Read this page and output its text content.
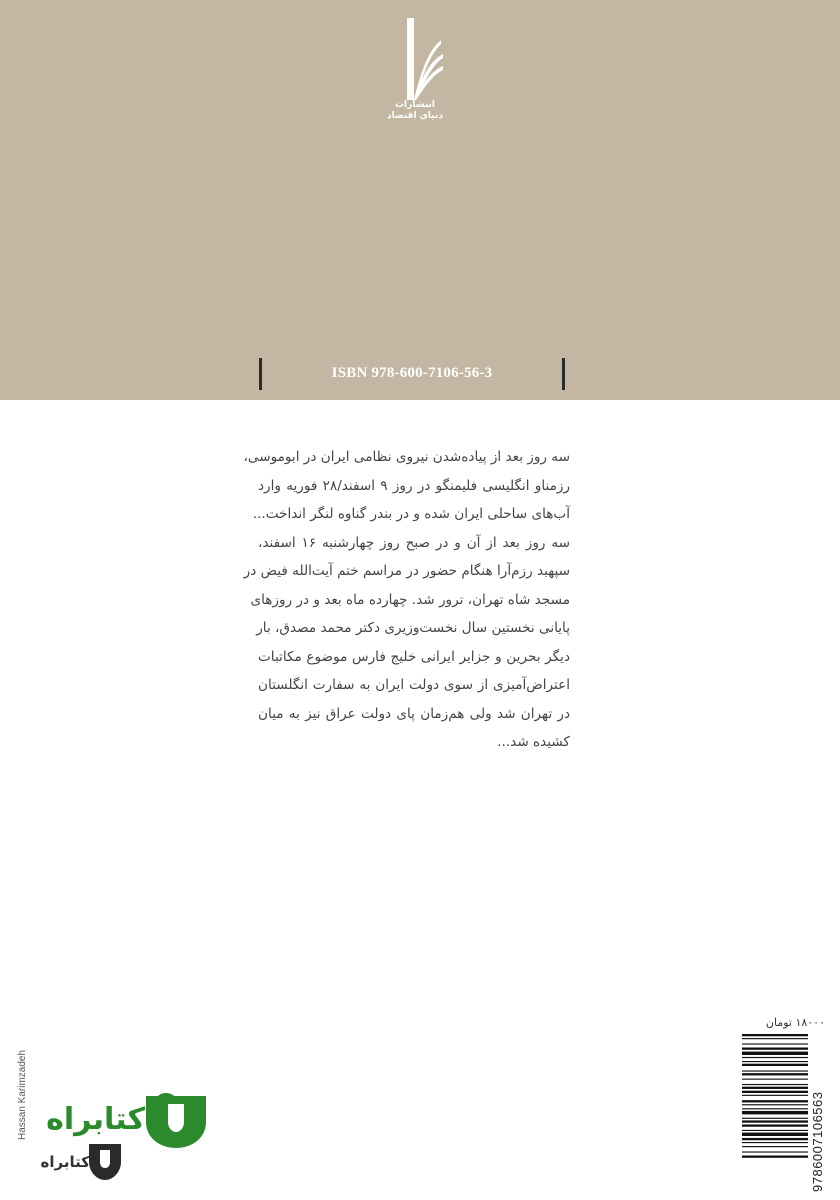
انتشارات
دنیای اقتصاد
ISBN 978-600-7106-56-3
سه روز بعد از پیاده‌شدن نیروی نظامی ایران در ابوموسی،
رزمناو انگلیسی فلیمنگو در روز ۹ اسفند/۲۸ فوریه وارد
آب‌های ساحلی ایران شده و در بندر گناوه لنگر انداخت...
سه روز بعد از آن و در صبح روز چهارشنبه ۱۶ اسفند،
سپهبد رزم‌آرا هنگام حضور در مراسم ختم آیت‌الله فیض در
مسجد شاه تهران، ترور شد. چهارده ماه بعد و در روزهای
پایانی نخستین سال نخست‌وزیری دکتر محمد مصدق، بار
دیگر بحرین و جزایر ایرانی خلیج فارس موضوع مکاتبات
اعتراض‌آمیزی از سوی دولت ایران به سفارت انگلستان
در تهران شد ولی هم‌زمان پای دولت عراق نیز به میان
کشیده شد...
Hassan Karimzadeh کتابراه
کتابراه
۱۸۰۰۰ تومان
9786007106563
